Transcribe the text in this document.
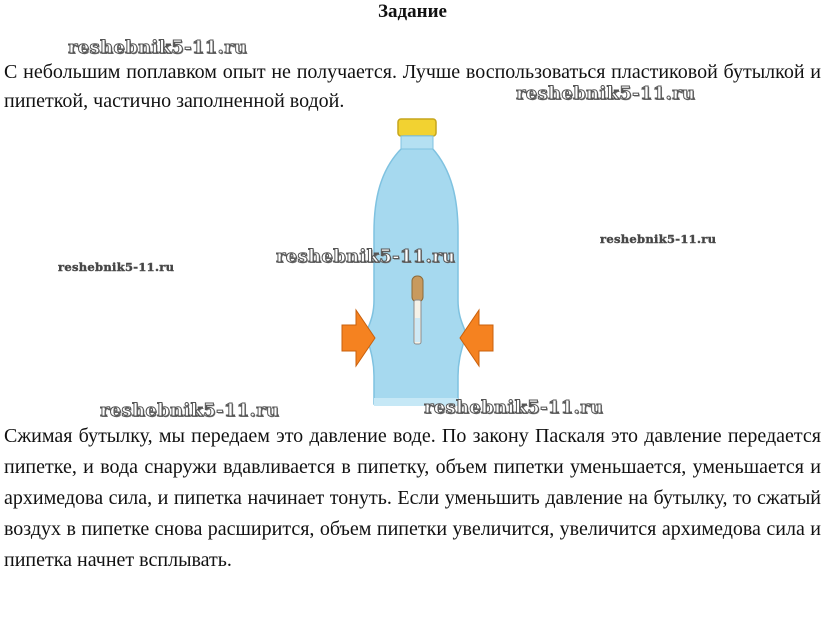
Задание

С небольшим поплавком опыт не получается. Лучше воспользоваться пластиковой бутылкой и пипеткой, частично заполненной водой.

reshebnik5-11.ru
reshebnik5-11.ru
reshebnik5-11.ru
reshebnik5-11.ru	reshebnik5-11.ru
reshebnik5-11.ru	reshebnik5-11.ru

Сжимая бутылку, мы передаем это давление воде. По закону Паскаля это давление передается пипетке, и вода снаружи вдавливается в пипетку, объем пипетки уменьшается, уменьшается и архимедова сила, и пипетка начинает тонуть. Если уменьшить давление на бутылку, то сжатый воздух в пипетке снова расширится, объем пипетки увеличится, увеличится архимедова сила и пипетка начнет всплывать.
